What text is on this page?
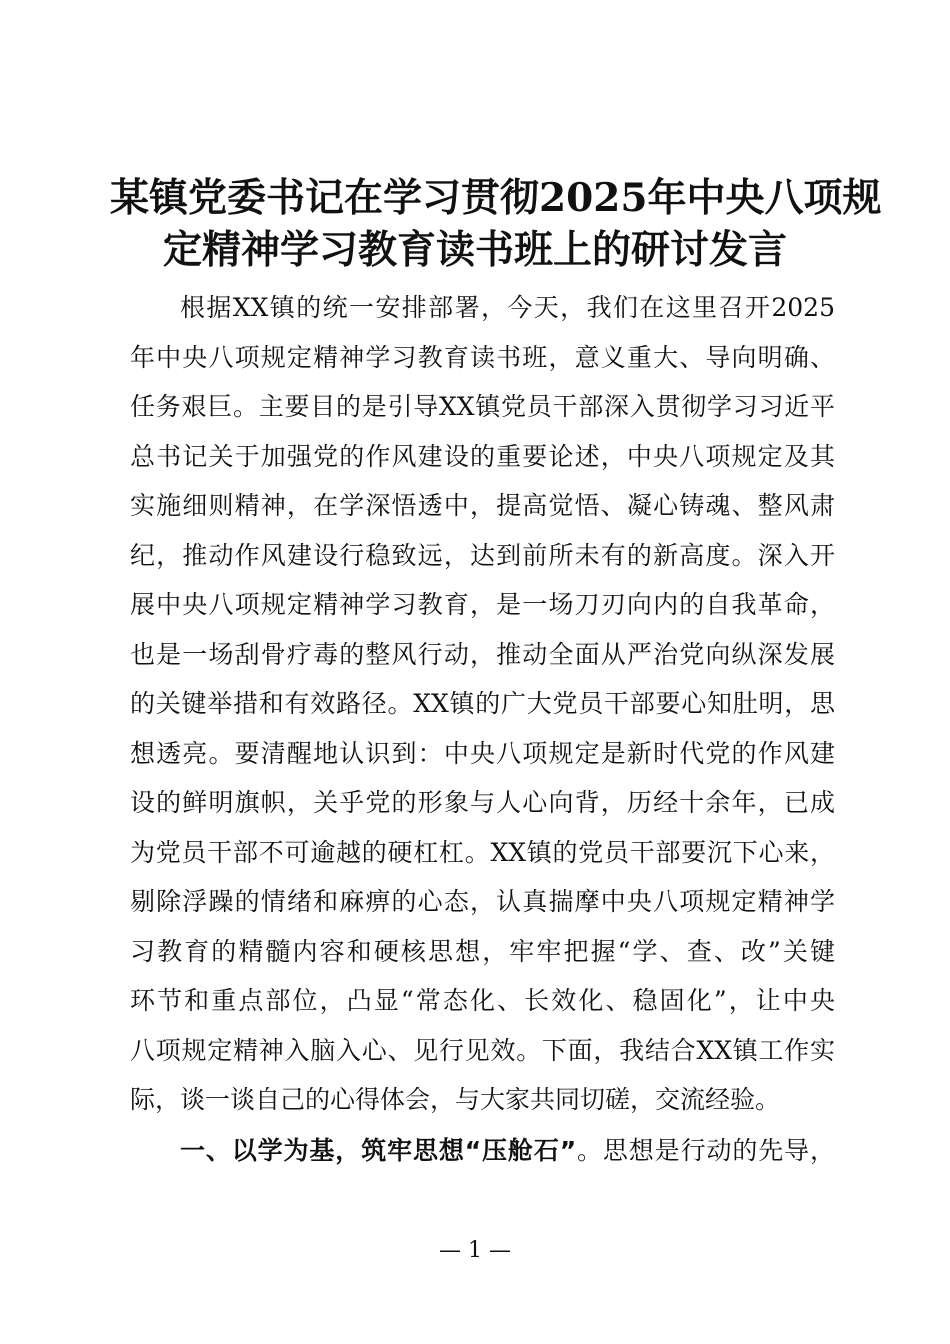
某镇党委书记在学习贯彻2025年中央八项规
定精神学习教育读书班上的研讨发言
根据XX镇的统一安排部署，今天，我们在这里召开2025
年中央八项规定精神学习教育读书班，意义重大、导向明确、
任务艰巨。主要目的是引导XX镇党员干部深入贯彻学习习近平
总书记关于加强党的作风建设的重要论述，中央八项规定及其
实施细则精神，在学深悟透中，提高觉悟、凝心铸魂、整风肃
纪，推动作风建设行稳致远，达到前所未有的新高度。深入开
展中央八项规定精神学习教育，是一场刀刃向内的自我革命，
也是一场刮骨疗毒的整风行动，推动全面从严治党向纵深发展
的关键举措和有效路径。XX镇的广大党员干部要心知肚明，思
想透亮。要清醒地认识到：中央八项规定是新时代党的作风建
设的鲜明旗帜，关乎党的形象与人心向背，历经十余年，已成
为党员干部不可逾越的硬杠杠。XX镇的党员干部要沉下心来，
剔除浮躁的情绪和麻痹的心态，认真揣摩中央八项规定精神学
习教育的精髓内容和硬核思想，牢牢把握“学、查、改”关键
环节和重点部位，凸显“常态化、长效化、稳固化”，让中央
八项规定精神入脑入心、见行见效。下面，我结合XX镇工作实
际，谈一谈自己的心得体会，与大家共同切磋，交流经验。
一、以学为基，筑牢思想“压舱石”。思想是行动的先导，
— 1 —
